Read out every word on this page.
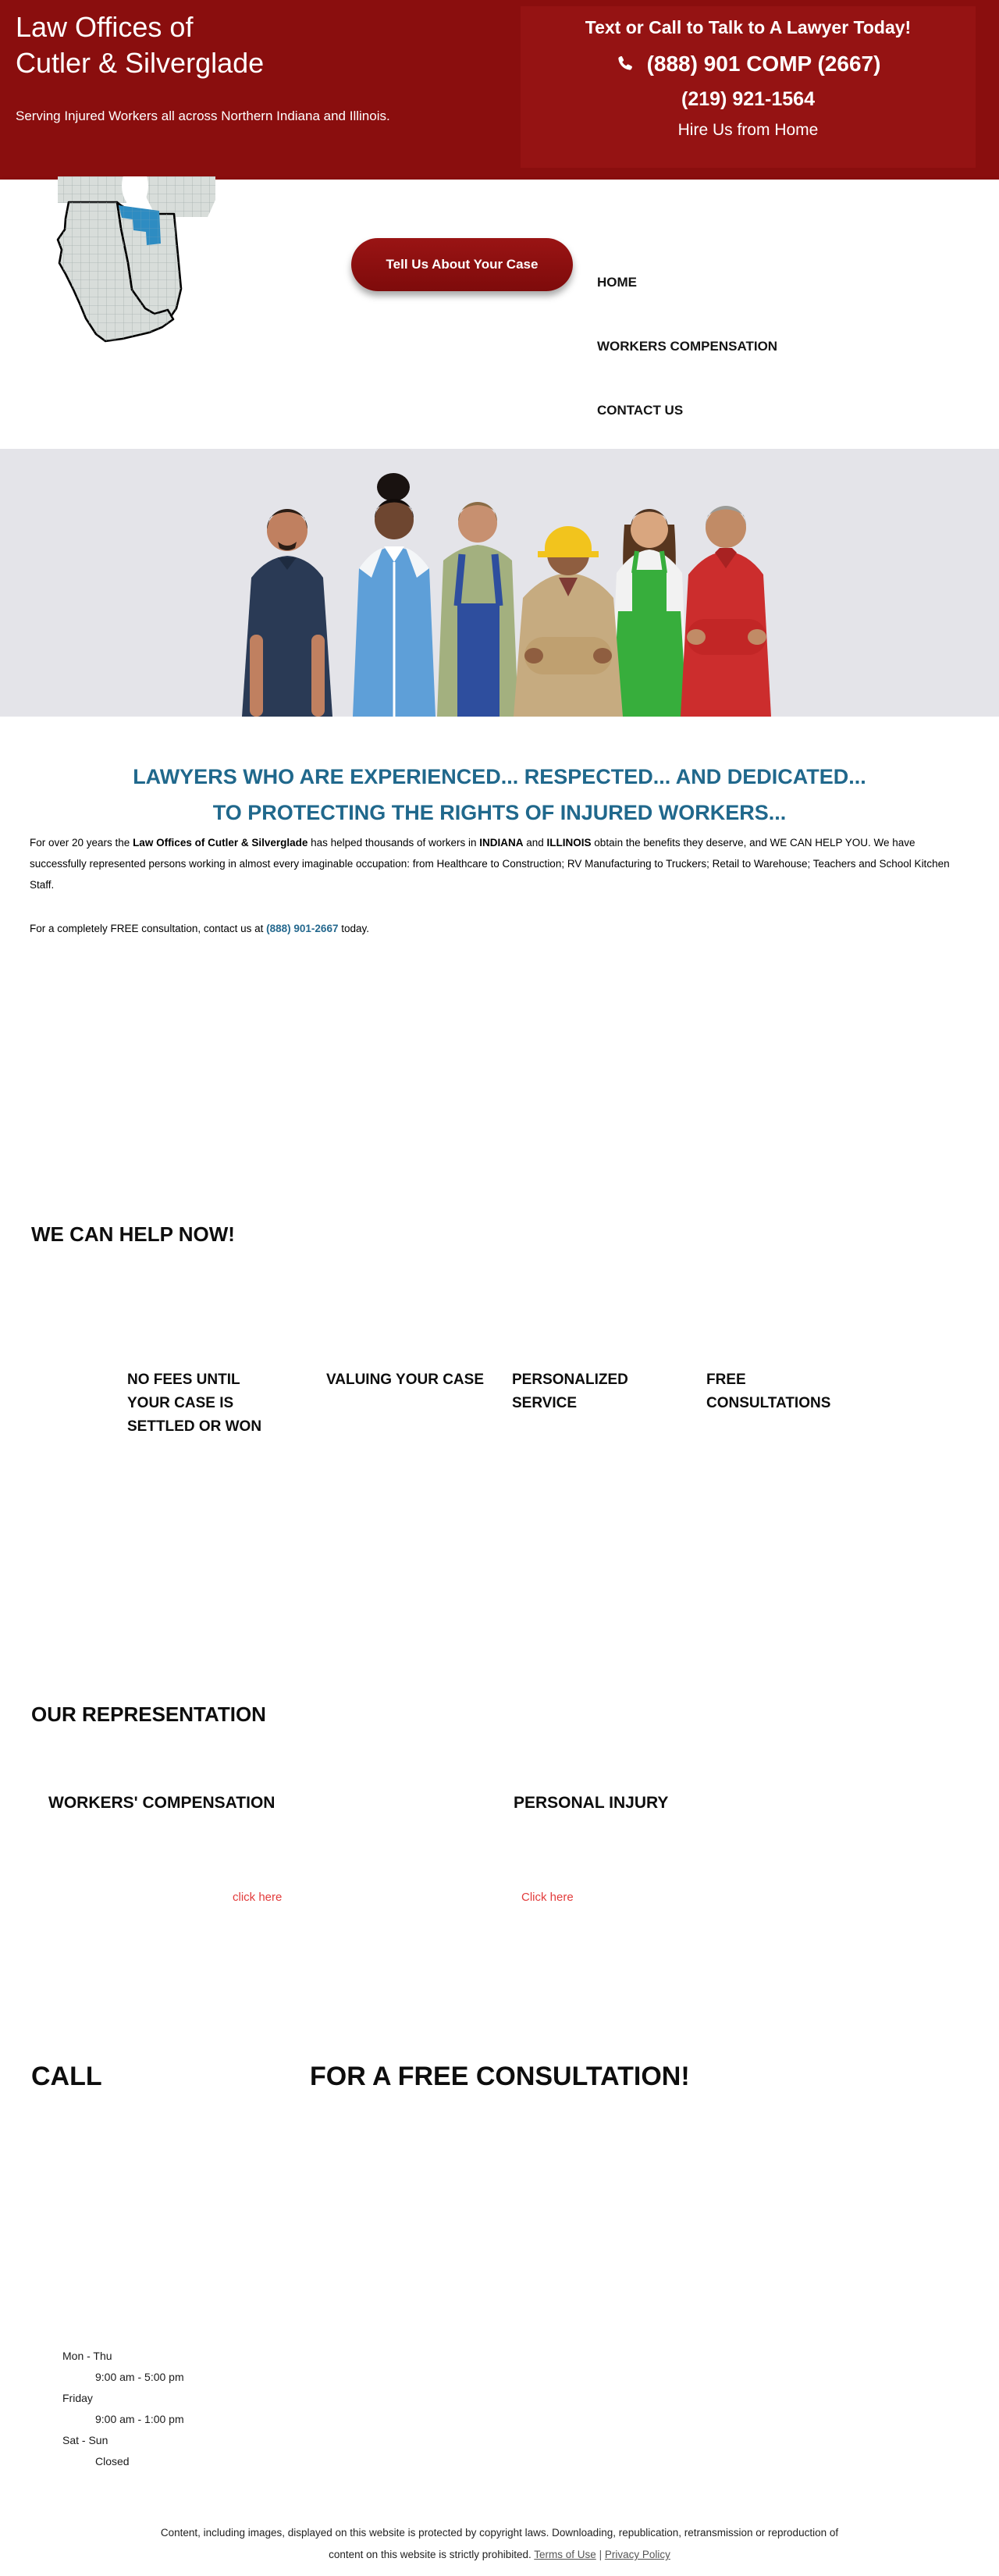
Law Offices of
Cutler & Silverglade
Serving Injured Workers all across Northern Indiana and Illinois.
Text or Call to Talk to A Lawyer Today!
(888) 901 COMP (2667)
(219) 921-1564
Hire Us from Home
Tell Us About Your Case
HOME
WORKERS COMPENSATION
CONTACT US
LAWYERS WHO ARE EXPERIENCED... RESPECTED... AND DEDICATED...
TO PROTECTING THE RIGHTS OF INJURED WORKERS...
For over 20 years the Law Offices of Cutler & Silverglade has helped thousands of workers in INDIANA and ILLINOIS obtain the benefits they deserve, and WE CAN HELP YOU. We have successfully represented persons working in almost every imaginable occupation: from Healthcare to Construction; RV Manufacturing to Truckers; Retail to Warehouse; Teachers and School Kitchen Staff.
For a completely FREE consultation, contact us at (888) 901-2667 today.
WE CAN HELP NOW!
NO FEES UNTIL
YOUR CASE IS
SETTLED OR WON
VALUING YOUR CASE PERSONALIZED
SERVICE
FREE
CONSULTATIONS
OUR REPRESENTATION
WORKERS' COMPENSATION	PERSONAL INJURY
click here	Click here
CALL	FOR A FREE CONSULTATION!
Mon - Thu
9:00 am - 5:00 pm
Friday
9:00 am - 1:00 pm
Sat - Sun
Closed
Content, including images, displayed on this website is protected by copyright laws. Downloading, republication, retransmission or reproduction of
content on this website is strictly prohibited. Terms of Use | Privacy Policy
